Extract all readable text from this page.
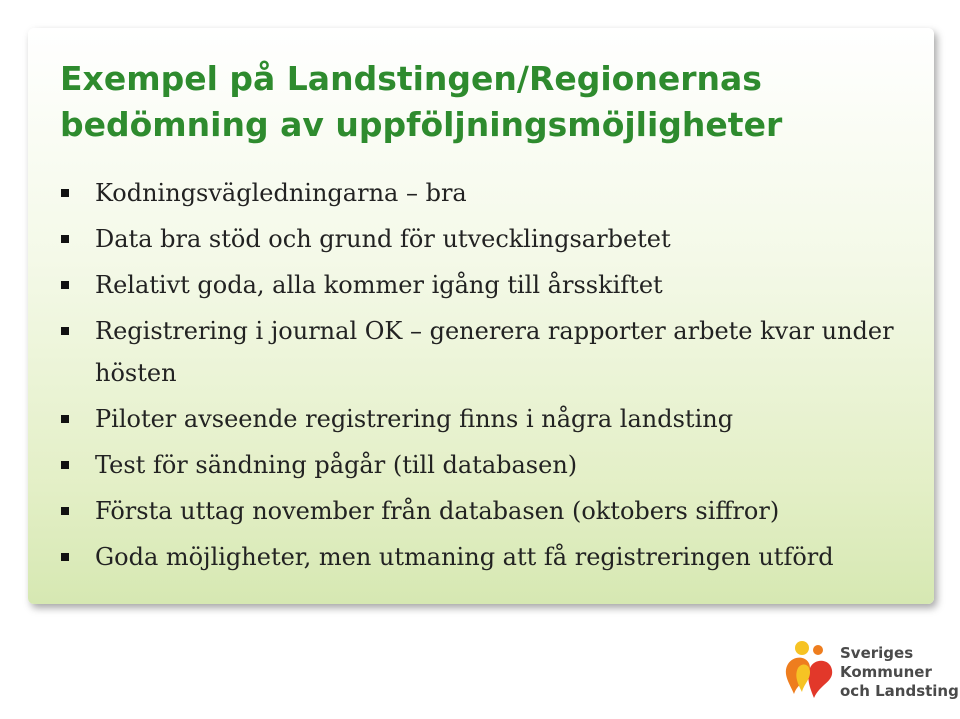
Exempel på Landstingen/Regionernas bedömning av uppföljningsmöjligheter
Kodningsvägledningarna – bra
Data bra stöd och grund för utvecklingsarbetet
Relativt goda, alla kommer igång till årsskiftet
Registrering i journal OK – generera rapporter arbete kvar under hösten
Piloter avseende registrering finns i några landsting
Test för sändning pågår (till databasen)
Första uttag november från databasen (oktobers siffror)
Goda möjligheter, men utmaning att få registreringen utförd
Sveriges
Kommuner
och Landsting
